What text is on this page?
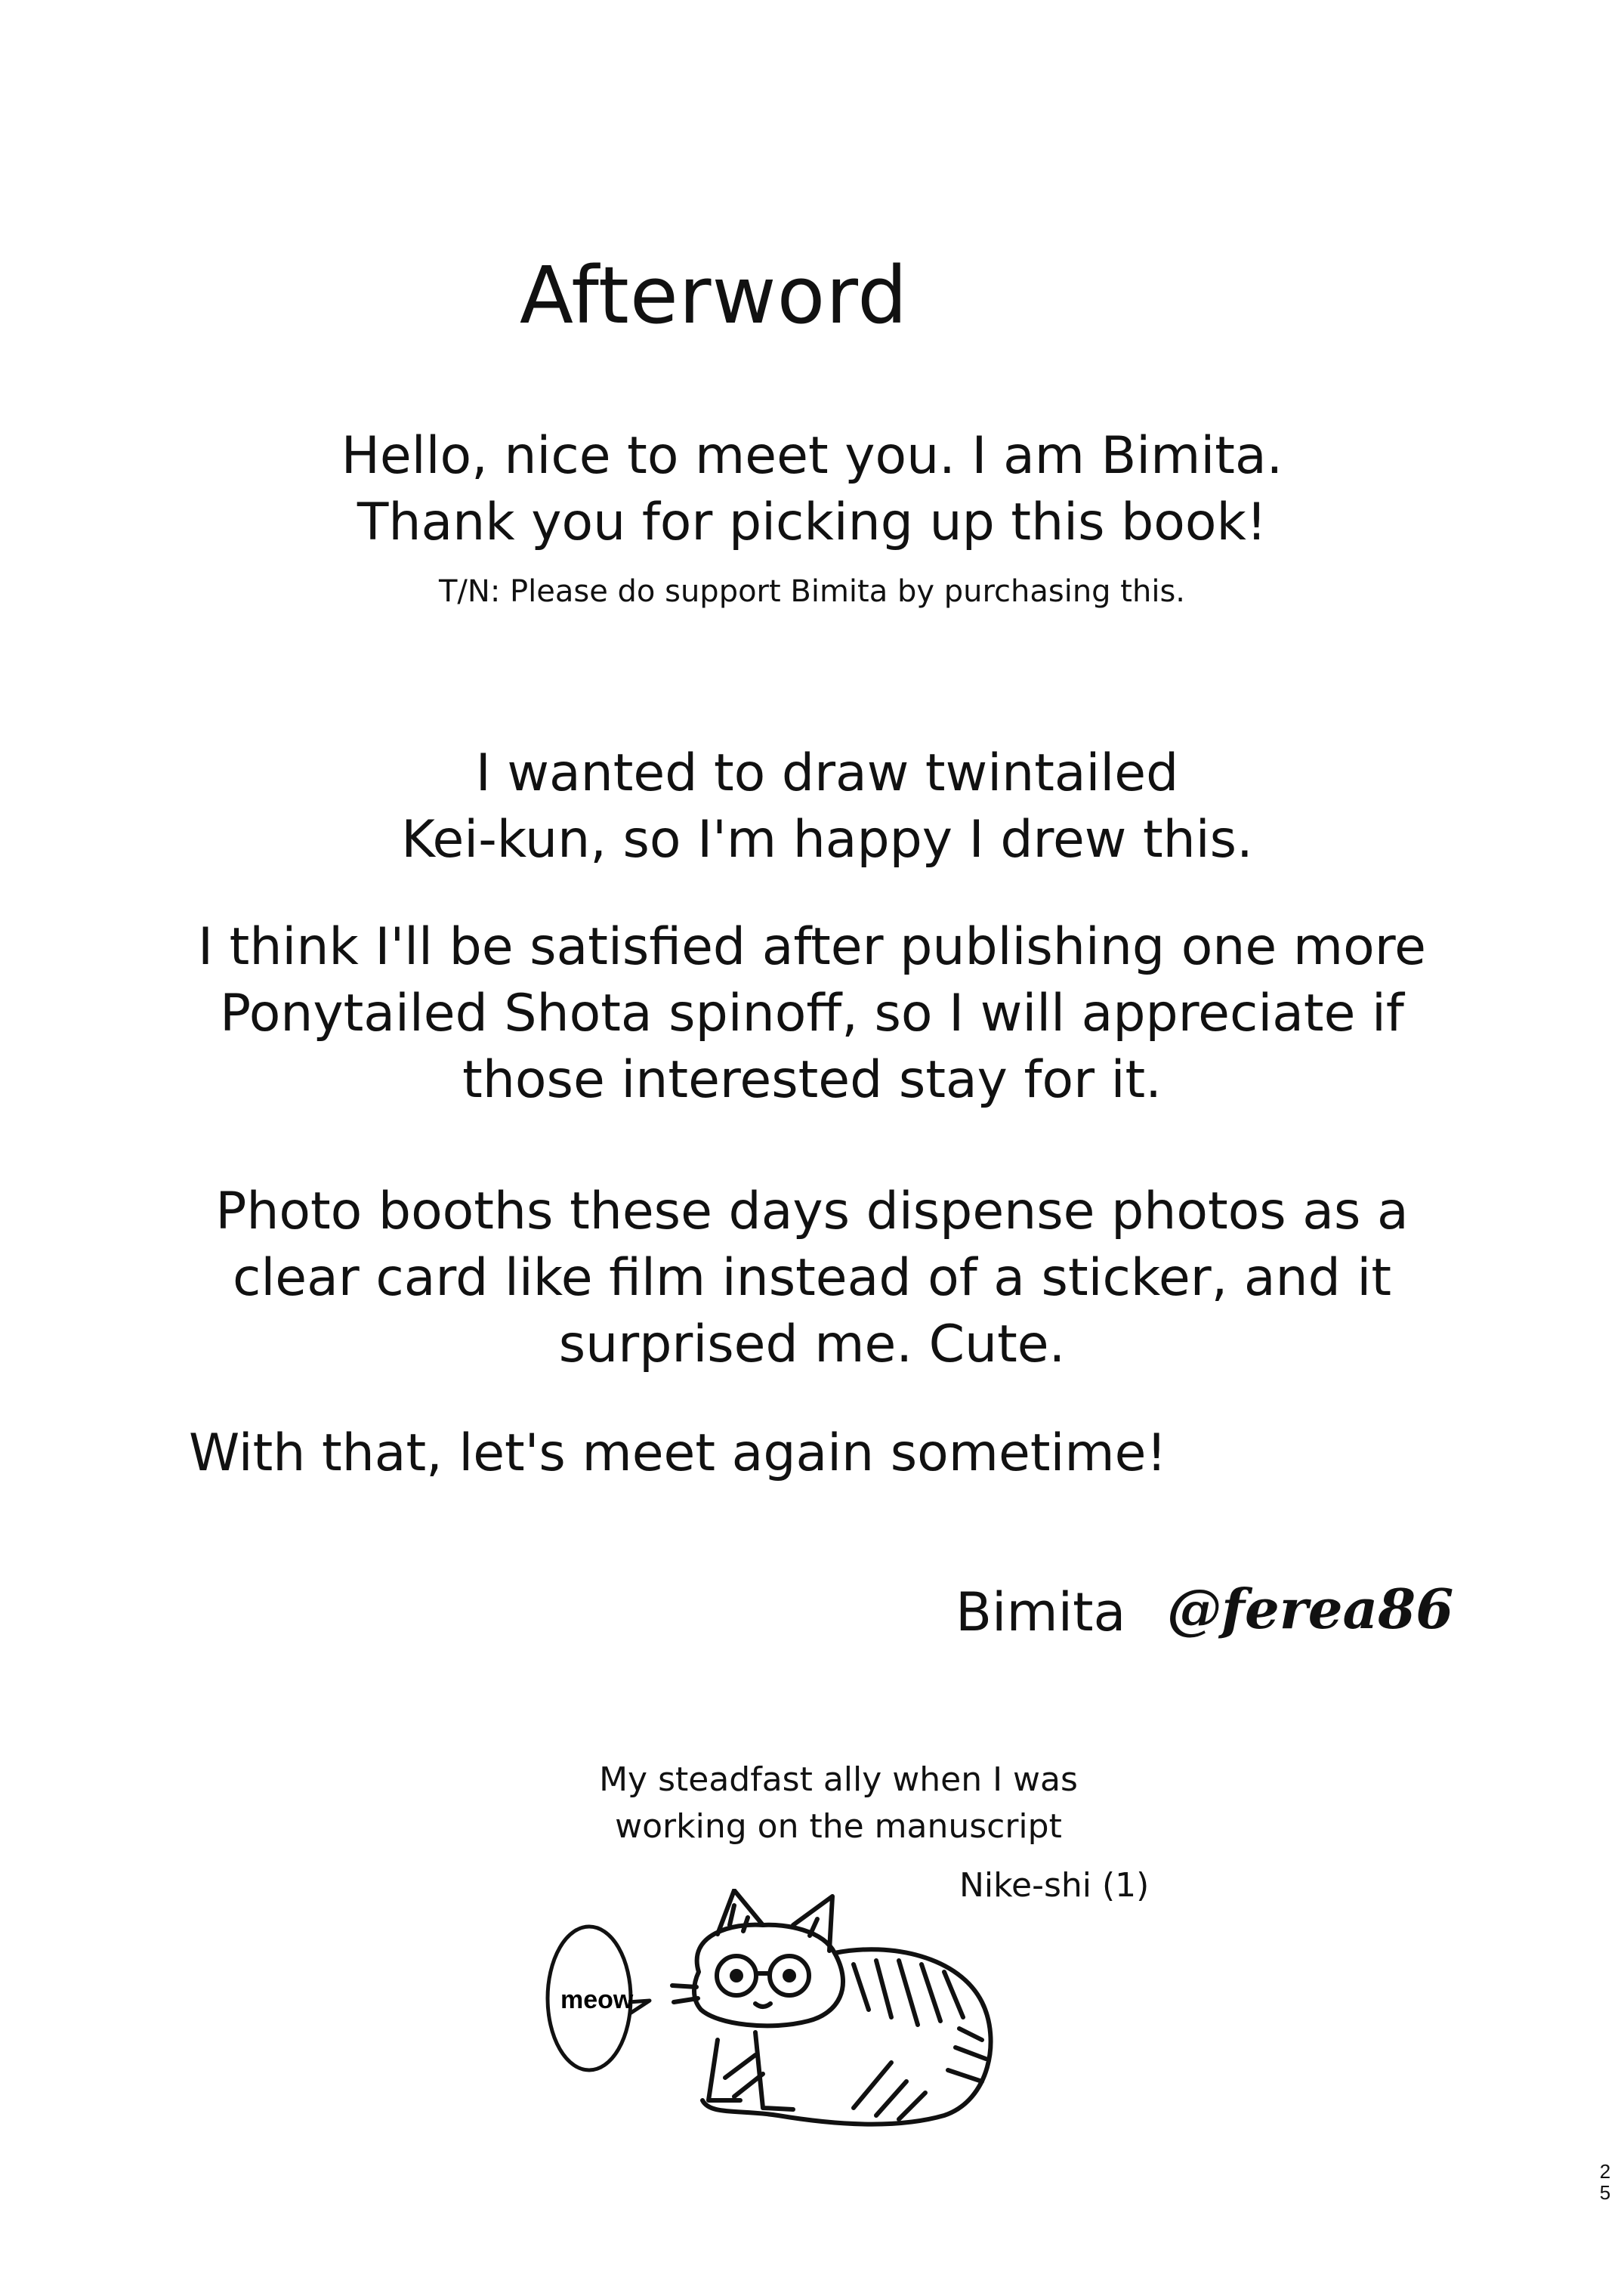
Afterword

Hello, nice to meet you. I am Bimita.

Thank you for picking up this book!

T/N: Please do support Bimita by purchasing this.

I wanted to draw twintailed

Kei-kun, so I'm happy I drew this.

I think I'll be satisfied after publishing one more

Ponytailed Shota spinoff, so I will appreciate if

those interested stay for it.

Photo booths these days dispense photos as a

clear card like film instead of a sticker, and it

surprised me. Cute.

With that, let's meet again sometime!
Bimita @ferea86
My steadfast ally when I was
working on the manuscript
Nike-shi (1)
meow
2
5
